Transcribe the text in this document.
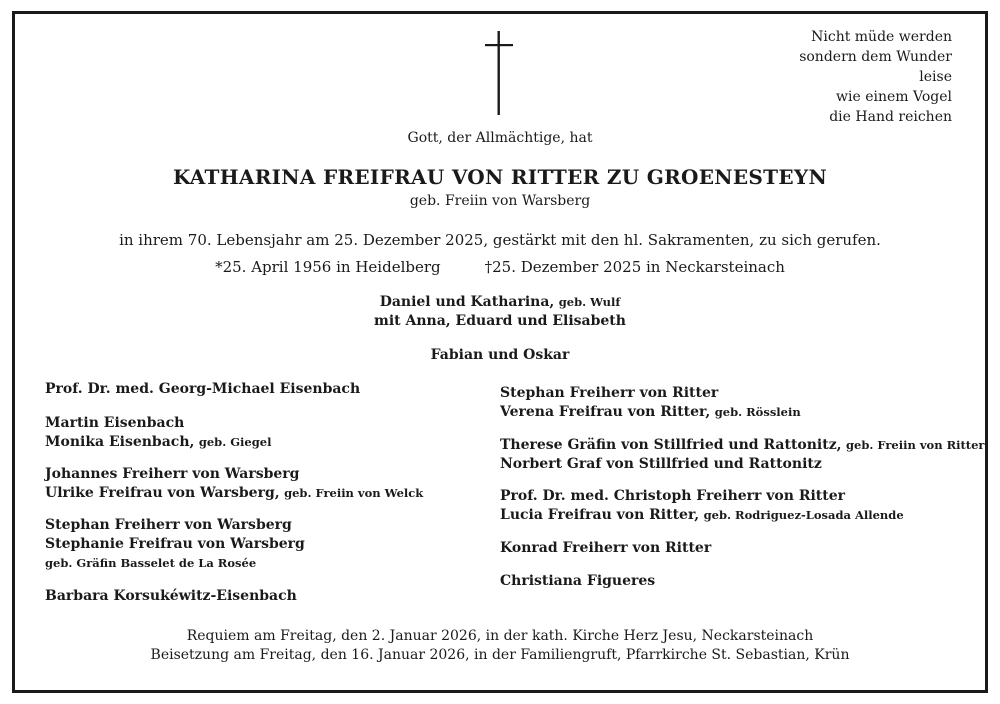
Nicht müde werden
sondern dem Wunder
leise
wie einem Vogel
die Hand reichen
Gott, der Allmächtige, hat
KATHARINA FREIFRAU VON RITTER ZU GROENESTEYN
geb. Freiin von Warsberg
in ihrem 70. Lebensjahr am 25. Dezember 2025, gestärkt mit den hl. Sakramenten, zu sich gerufen.
*25. April 1956 in Heidelberg	†25. Dezember 2025 in Neckarsteinach
Daniel und Katharina, geb. Wulf
mit Anna, Eduard und Elisabeth
Fabian und Oskar
Prof. Dr. med. Georg-Michael Eisenbach
Martin Eisenbach
Monika Eisenbach, geb. Giegel
Johannes Freiherr von Warsberg
Ulrike Freifrau von Warsberg, geb. Freiin von Welck
Stephan Freiherr von Warsberg
Stephanie Freifrau von Warsberg
geb. Gräfin Basselet de La Rosée
Barbara Korsukéwitz-Eisenbach
Stephan Freiherr von Ritter
Verena Freifrau von Ritter, geb. Rösslein
Therese Gräfin von Stillfried und Rattonitz, geb. Freiin von Ritter
Norbert Graf von Stillfried und Rattonitz
Prof. Dr. med. Christoph Freiherr von Ritter
Lucia Freifrau von Ritter, geb. Rodriguez-Losada Allende
Konrad Freiherr von Ritter
Christiana Figueres
Requiem am Freitag, den 2. Januar 2026, in der kath. Kirche Herz Jesu, Neckarsteinach
Beisetzung am Freitag, den 16. Januar 2026, in der Familiengruft, Pfarrkirche St. Sebastian, Krün
